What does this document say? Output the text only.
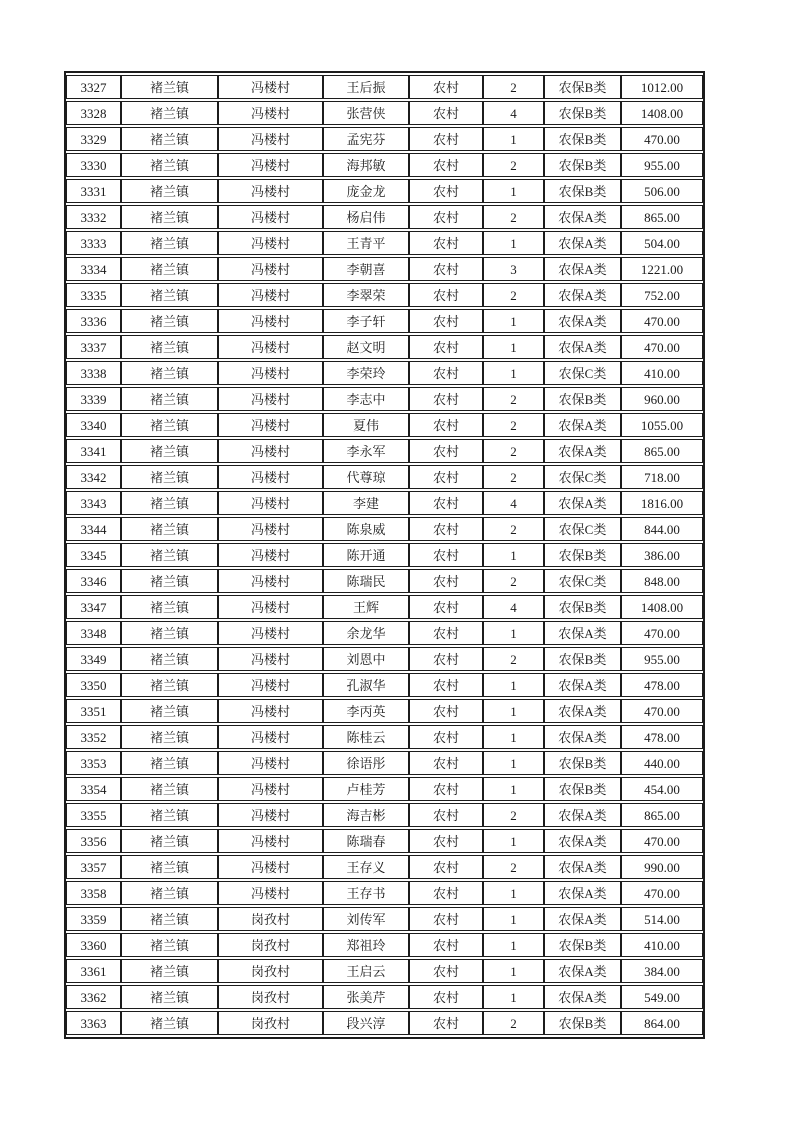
3327	褚兰镇	冯楼村	王后振	农村	2	农保B类	1012.00
3328	褚兰镇	冯楼村	张营侠	农村	4	农保B类	1408.00
3329	褚兰镇	冯楼村	孟宪芬	农村	1	农保B类	470.00
3330	褚兰镇	冯楼村	海邦敏	农村	2	农保B类	955.00
3331	褚兰镇	冯楼村	庞金龙	农村	1	农保B类	506.00
3332	褚兰镇	冯楼村	杨启伟	农村	2	农保A类	865.00
3333	褚兰镇	冯楼村	王青平	农村	1	农保A类	504.00
3334	褚兰镇	冯楼村	李朝喜	农村	3	农保A类	1221.00
3335	褚兰镇	冯楼村	李翠荣	农村	2	农保A类	752.00
3336	褚兰镇	冯楼村	李子轩	农村	1	农保A类	470.00
3337	褚兰镇	冯楼村	赵文明	农村	1	农保A类	470.00
3338	褚兰镇	冯楼村	李荣玲	农村	1	农保C类	410.00
3339	褚兰镇	冯楼村	李志中	农村	2	农保B类	960.00
3340	褚兰镇	冯楼村	夏伟	农村	2	农保A类	1055.00
3341	褚兰镇	冯楼村	李永军	农村	2	农保A类	865.00
3342	褚兰镇	冯楼村	代尊琼	农村	2	农保C类	718.00
3343	褚兰镇	冯楼村	李建	农村	4	农保A类	1816.00
3344	褚兰镇	冯楼村	陈泉威	农村	2	农保C类	844.00
3345	褚兰镇	冯楼村	陈开通	农村	1	农保B类	386.00
3346	褚兰镇	冯楼村	陈瑞民	农村	2	农保C类	848.00
3347	褚兰镇	冯楼村	王辉	农村	4	农保B类	1408.00
3348	褚兰镇	冯楼村	余龙华	农村	1	农保A类	470.00
3349	褚兰镇	冯楼村	刘恩中	农村	2	农保B类	955.00
3350	褚兰镇	冯楼村	孔淑华	农村	1	农保A类	478.00
3351	褚兰镇	冯楼村	李丙英	农村	1	农保A类	470.00
3352	褚兰镇	冯楼村	陈桂云	农村	1	农保A类	478.00
3353	褚兰镇	冯楼村	徐语彤	农村	1	农保B类	440.00
3354	褚兰镇	冯楼村	卢桂芳	农村	1	农保B类	454.00
3355	褚兰镇	冯楼村	海吉彬	农村	2	农保A类	865.00
3356	褚兰镇	冯楼村	陈瑞春	农村	1	农保A类	470.00
3357	褚兰镇	冯楼村	王存义	农村	2	农保A类	990.00
3358	褚兰镇	冯楼村	王存书	农村	1	农保A类	470.00
3359	褚兰镇	岗孜村	刘传军	农村	1	农保A类	514.00
3360	褚兰镇	岗孜村	郑祖玲	农村	1	农保B类	410.00
3361	褚兰镇	岗孜村	王启云	农村	1	农保A类	384.00
3362	褚兰镇	岗孜村	张美芹	农村	1	农保A类	549.00
3363	褚兰镇	岗孜村	段兴淳	农村	2	农保B类	864.00
